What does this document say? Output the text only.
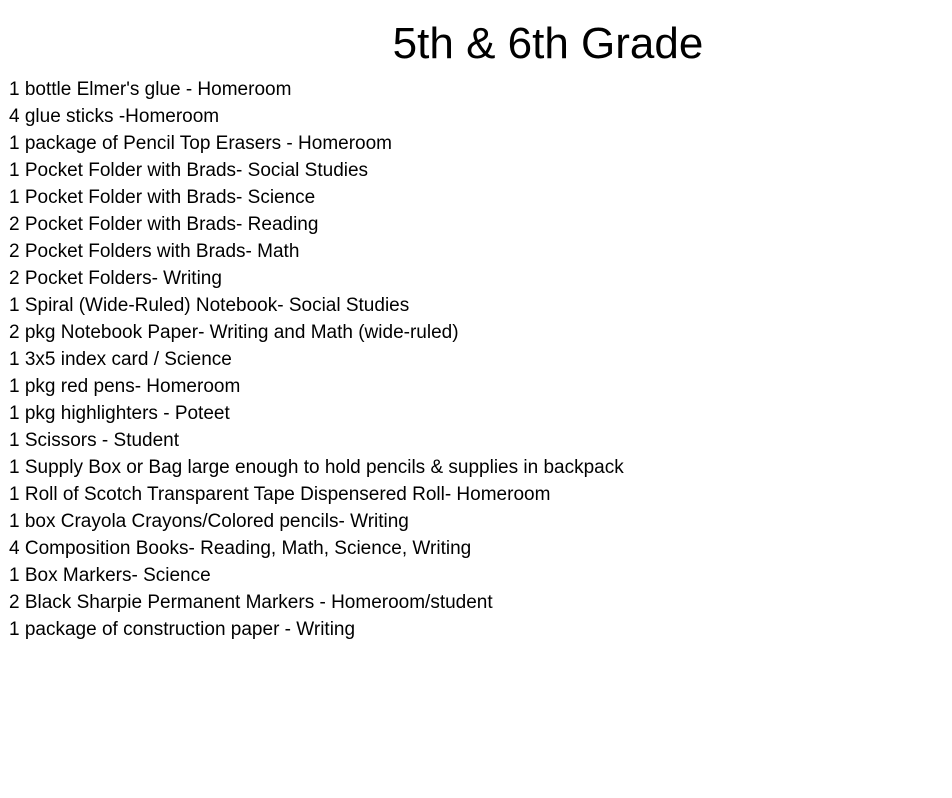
5th & 6th Grade
1 bottle Elmer's glue - Homeroom
4 glue sticks -Homeroom
1 package of Pencil Top Erasers - Homeroom
1 Pocket Folder with Brads- Social Studies
1 Pocket Folder with Brads- Science
2 Pocket Folder with Brads- Reading
2 Pocket Folders with Brads- Math
2 Pocket Folders- Writing
1 Spiral (Wide-Ruled) Notebook- Social Studies
2 pkg Notebook Paper- Writing and Math (wide-ruled)
1 3x5 index card / Science
1 pkg red pens- Homeroom
1 pkg highlighters - Poteet
1 Scissors - Student
1 Supply Box or Bag large enough to hold pencils & supplies in backpack
1 Roll of Scotch Transparent Tape Dispensered Roll- Homeroom
1 box Crayola Crayons/Colored pencils- Writing
4 Composition Books- Reading, Math, Science, Writing
1 Box Markers- Science
2 Black Sharpie Permanent Markers - Homeroom/student
1 package of construction paper - Writing
